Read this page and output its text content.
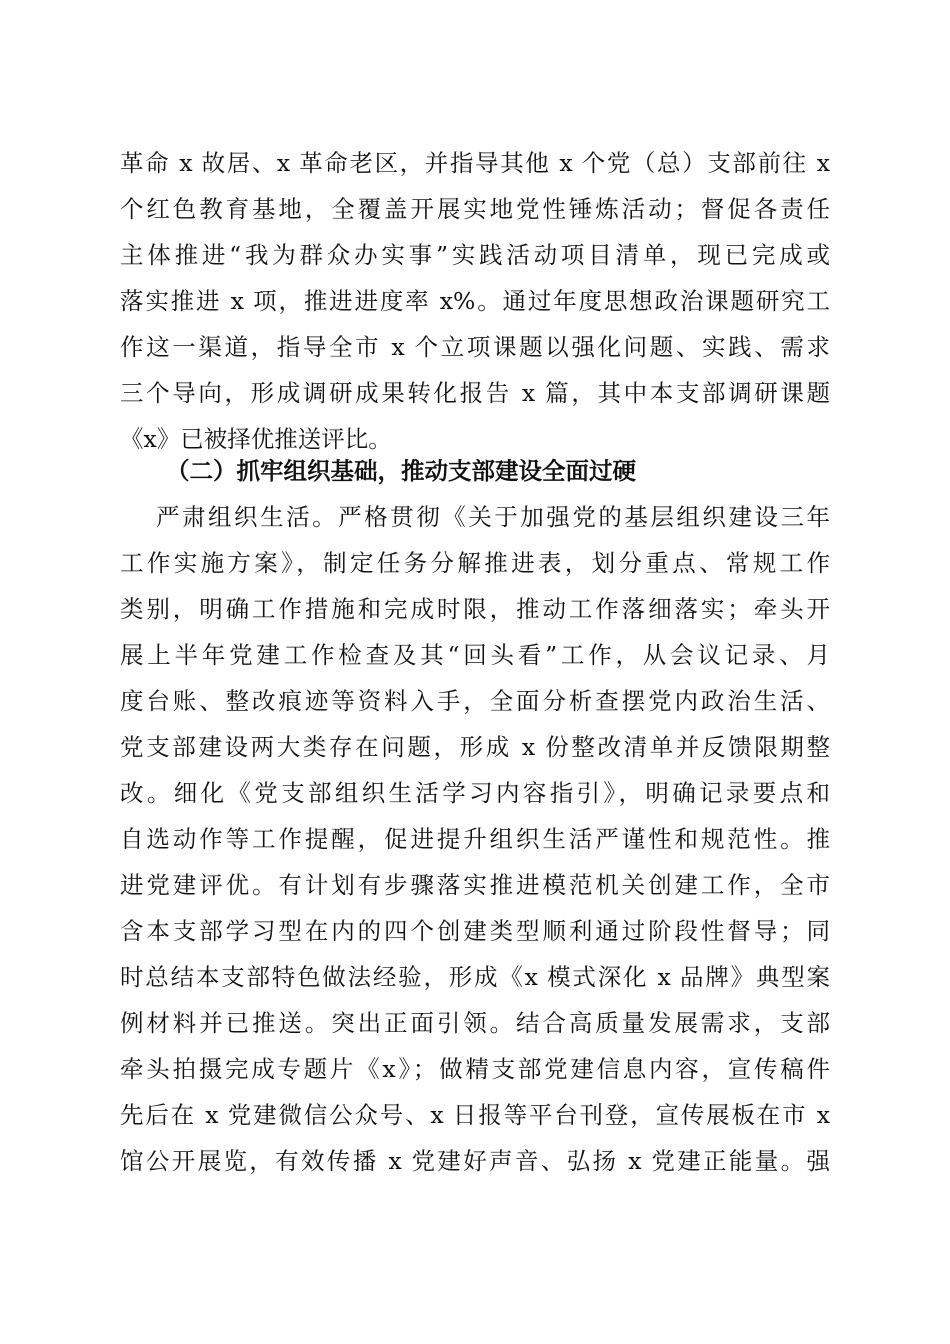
革命 x 故居、x 革命老区，并指导其他 x 个党（总）支部前往 x
个红色教育基地，全覆盖开展实地党性锤炼活动；督促各责任
主体推进“我为群众办实事”实践活动项目清单，现已完成或
落实推进 x 项，推进进度率 x%。通过年度思想政治课题研究工
作这一渠道，指导全市 x 个立项课题以强化问题、实践、需求
三个导向，形成调研成果转化报告 x 篇，其中本支部调研课题
《x》已被择优推送评比。
（二）抓牢组织基础，推动支部建设全面过硬
严肃组织生活。严格贯彻《关于加强党的基层组织建设三年
工作实施方案》，制定任务分解推进表，划分重点、常规工作
类别，明确工作措施和完成时限，推动工作落细落实；牵头开
展上半年党建工作检查及其“回头看”工作，从会议记录、月
度台账、整改痕迹等资料入手，全面分析查摆党内政治生活、
党支部建设两大类存在问题，形成 x 份整改清单并反馈限期整
改。细化《党支部组织生活学习内容指引》，明确记录要点和
自选动作等工作提醒，促进提升组织生活严谨性和规范性。推
进党建评优。有计划有步骤落实推进模范机关创建工作，全市
含本支部学习型在内的四个创建类型顺利通过阶段性督导；同
时总结本支部特色做法经验，形成《x 模式深化 x 品牌》典型案
例材料并已推送。突出正面引领。结合高质量发展需求，支部
牵头拍摄完成专题片《x》；做精支部党建信息内容，宣传稿件
先后在 x 党建微信公众号、x 日报等平台刊登，宣传展板在市 x
馆公开展览，有效传播 x 党建好声音、弘扬 x 党建正能量。强
